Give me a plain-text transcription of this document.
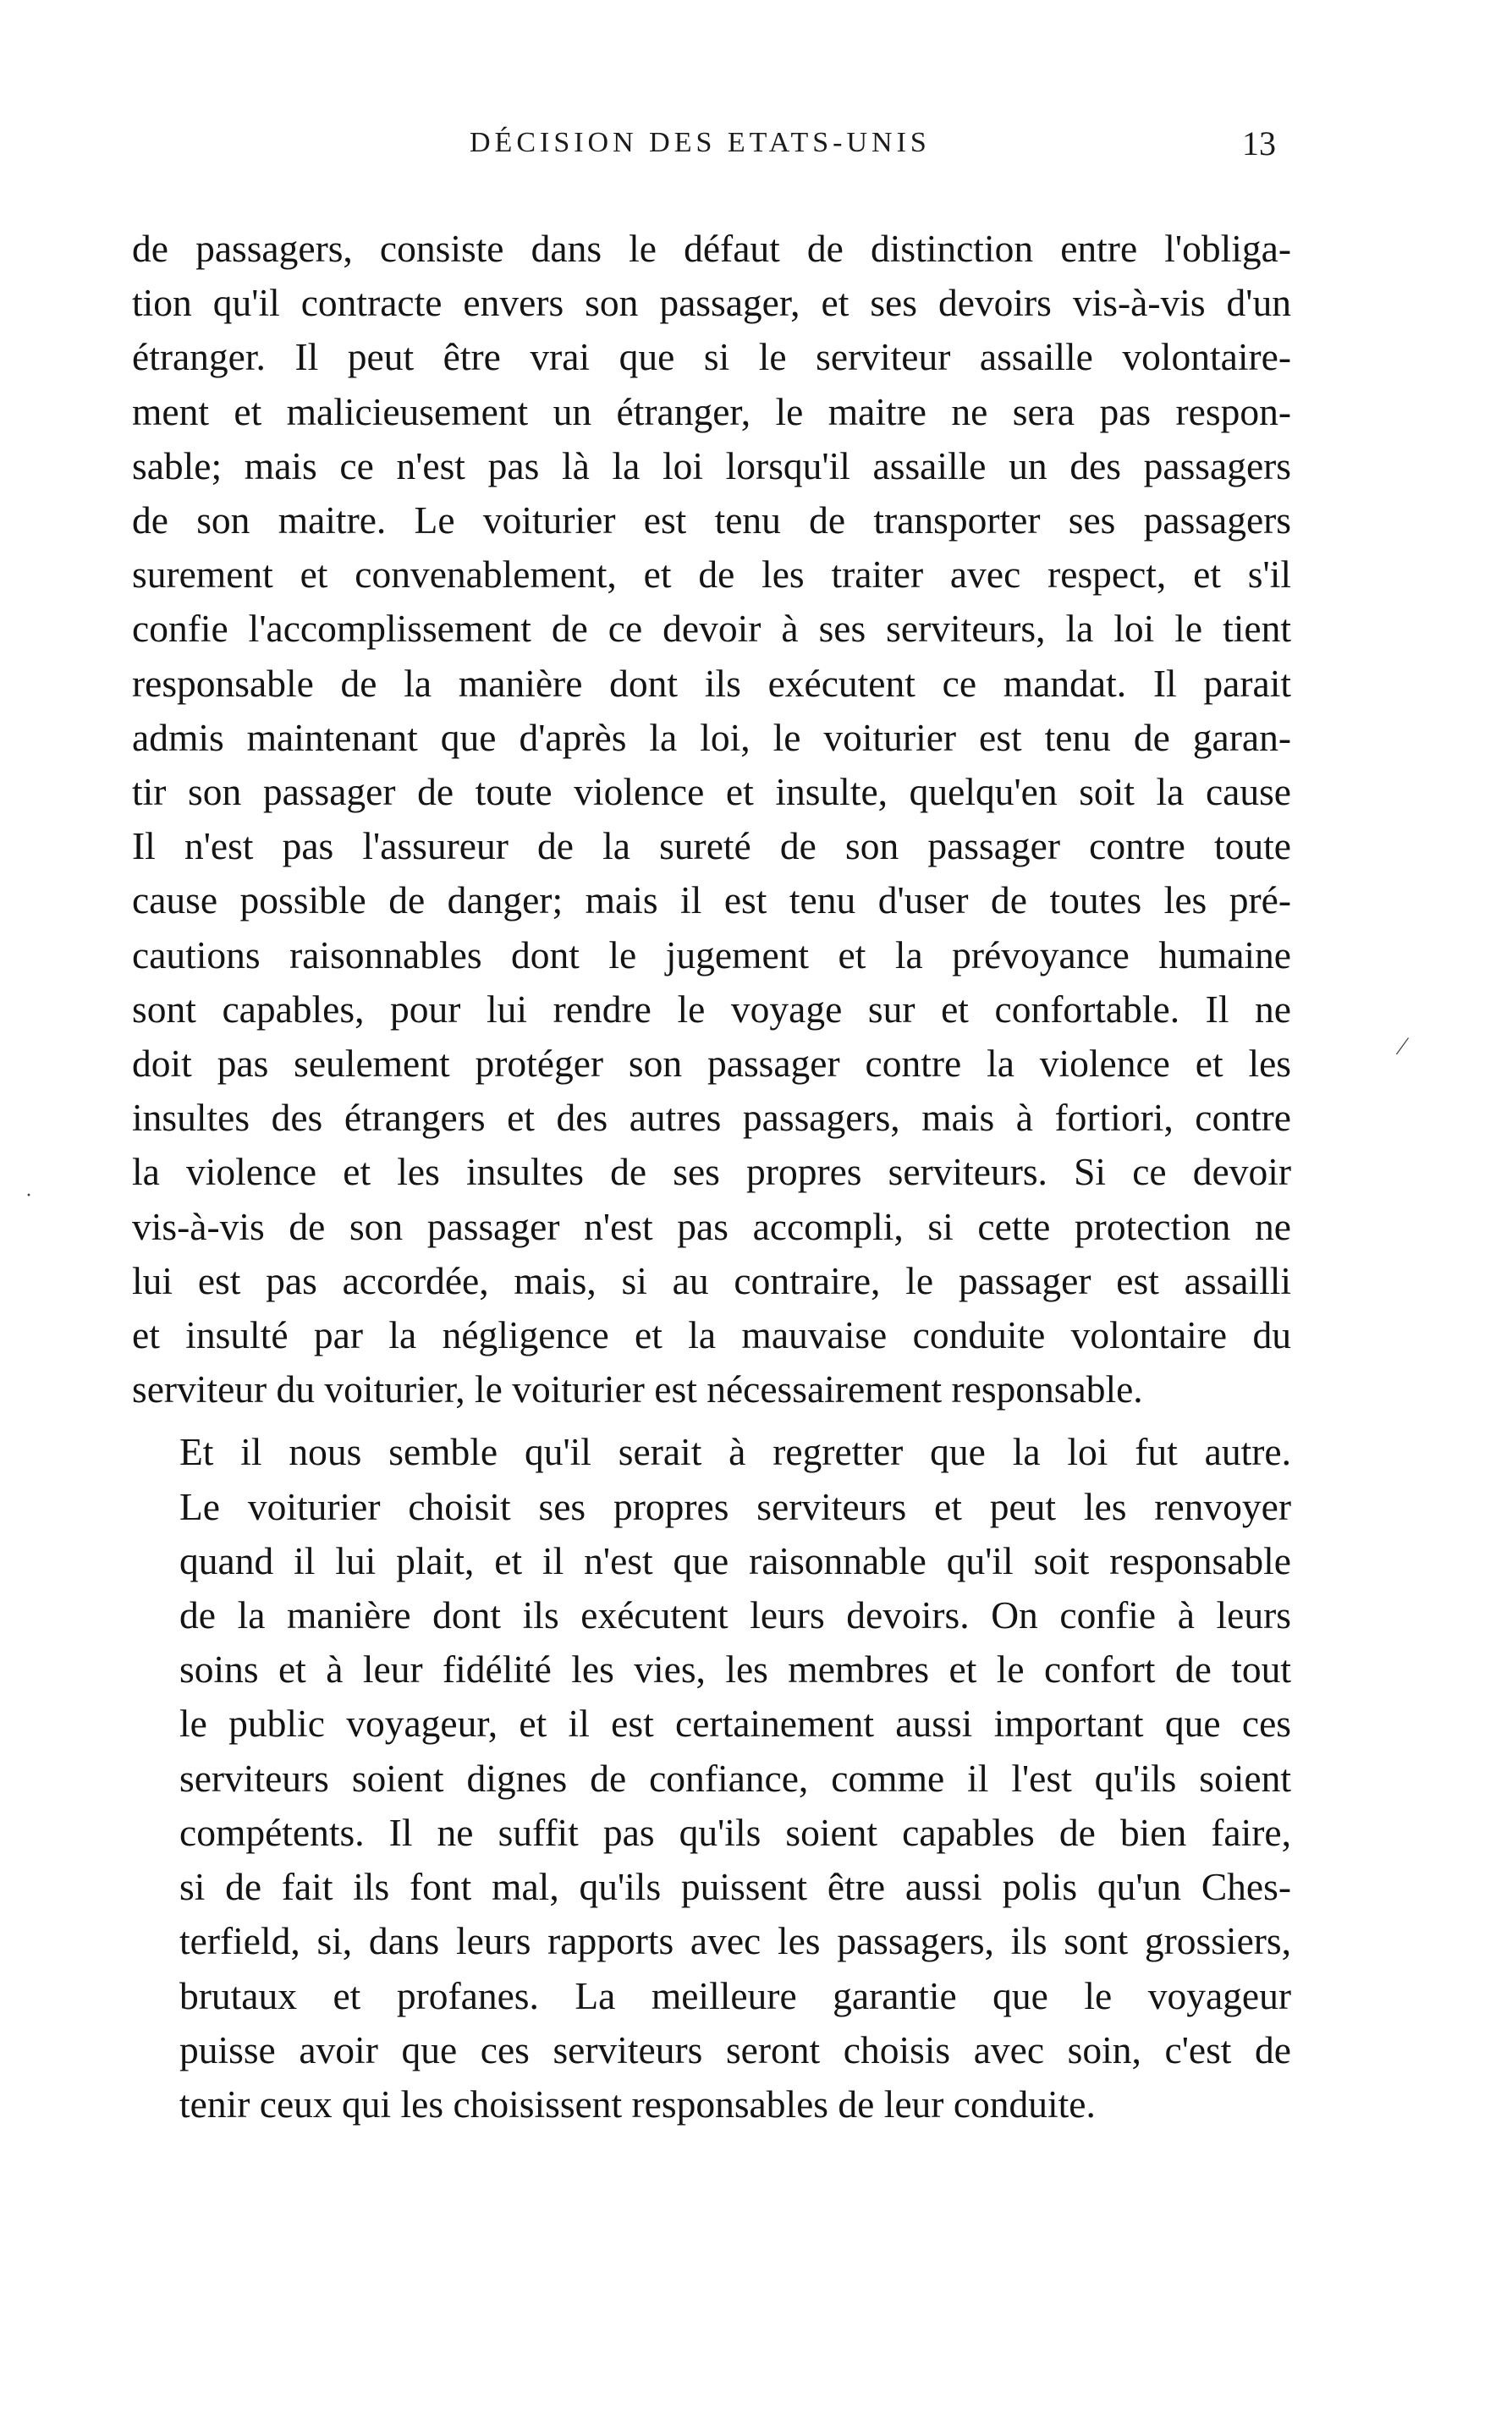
DÉCISION DES ETATS-UNIS	13

de passagers, consiste dans le défaut de distinction entre l'obliga-
tion qu'il contracte envers son passager, et ses devoirs vis-à-vis d'un
étranger. Il peut être vrai que si le serviteur assaille volontaire-
ment et malicieusement un étranger, le maitre ne sera pas respon-
sable; mais ce n'est pas là la loi lorsqu'il assaille un des passagers
de son maitre. Le voiturier est tenu de transporter ses passagers
surement et convenablement, et de les traiter avec respect, et s'il
confie l'accomplissement de ce devoir à ses serviteurs, la loi le tient
responsable de la manière dont ils exécutent ce mandat. Il parait
admis maintenant que d'après la loi, le voiturier est tenu de garan-
tir son passager de toute violence et insulte, quelqu'en soit la cause
Il n'est pas l'assureur de la sureté de son passager contre toute
cause possible de danger; mais il est tenu d'user de toutes les pré-
cautions raisonnables dont le jugement et la prévoyance humaine
sont capables, pour lui rendre le voyage sur et confortable. Il ne
doit pas seulement protéger son passager contre la violence et les
insultes des étrangers et des autres passagers, mais à fortiori, contre
la violence et les insultes de ses propres serviteurs. Si ce devoir
vis-à-vis de son passager n'est pas accompli, si cette protection ne
lui est pas accordée, mais, si au contraire, le passager est assailli
et insulté par la négligence et la mauvaise conduite volontaire du
serviteur du voiturier, le voiturier est nécessairement responsable.

Et il nous semble qu'il serait à regretter que la loi fut autre.
Le voiturier choisit ses propres serviteurs et peut les renvoyer
quand il lui plait, et il n'est que raisonnable qu'il soit responsable
de la manière dont ils exécutent leurs devoirs. On confie à leurs
soins et à leur fidélité les vies, les membres et le confort de tout
le public voyageur, et il est certainement aussi important que ces
serviteurs soient dignes de confiance, comme il l'est qu'ils soient
compétents. Il ne suffit pas qu'ils soient capables de bien faire,
si de fait ils font mal, qu'ils puissent être aussi polis qu'un Ches-
terfield, si, dans leurs rapports avec les passagers, ils sont grossiers,
brutaux et profanes. La meilleure garantie que le voyageur
puisse avoir que ces serviteurs seront choisis avec soin, c'est de
tenir ceux qui les choisissent responsables de leur conduite.

⁄
·
